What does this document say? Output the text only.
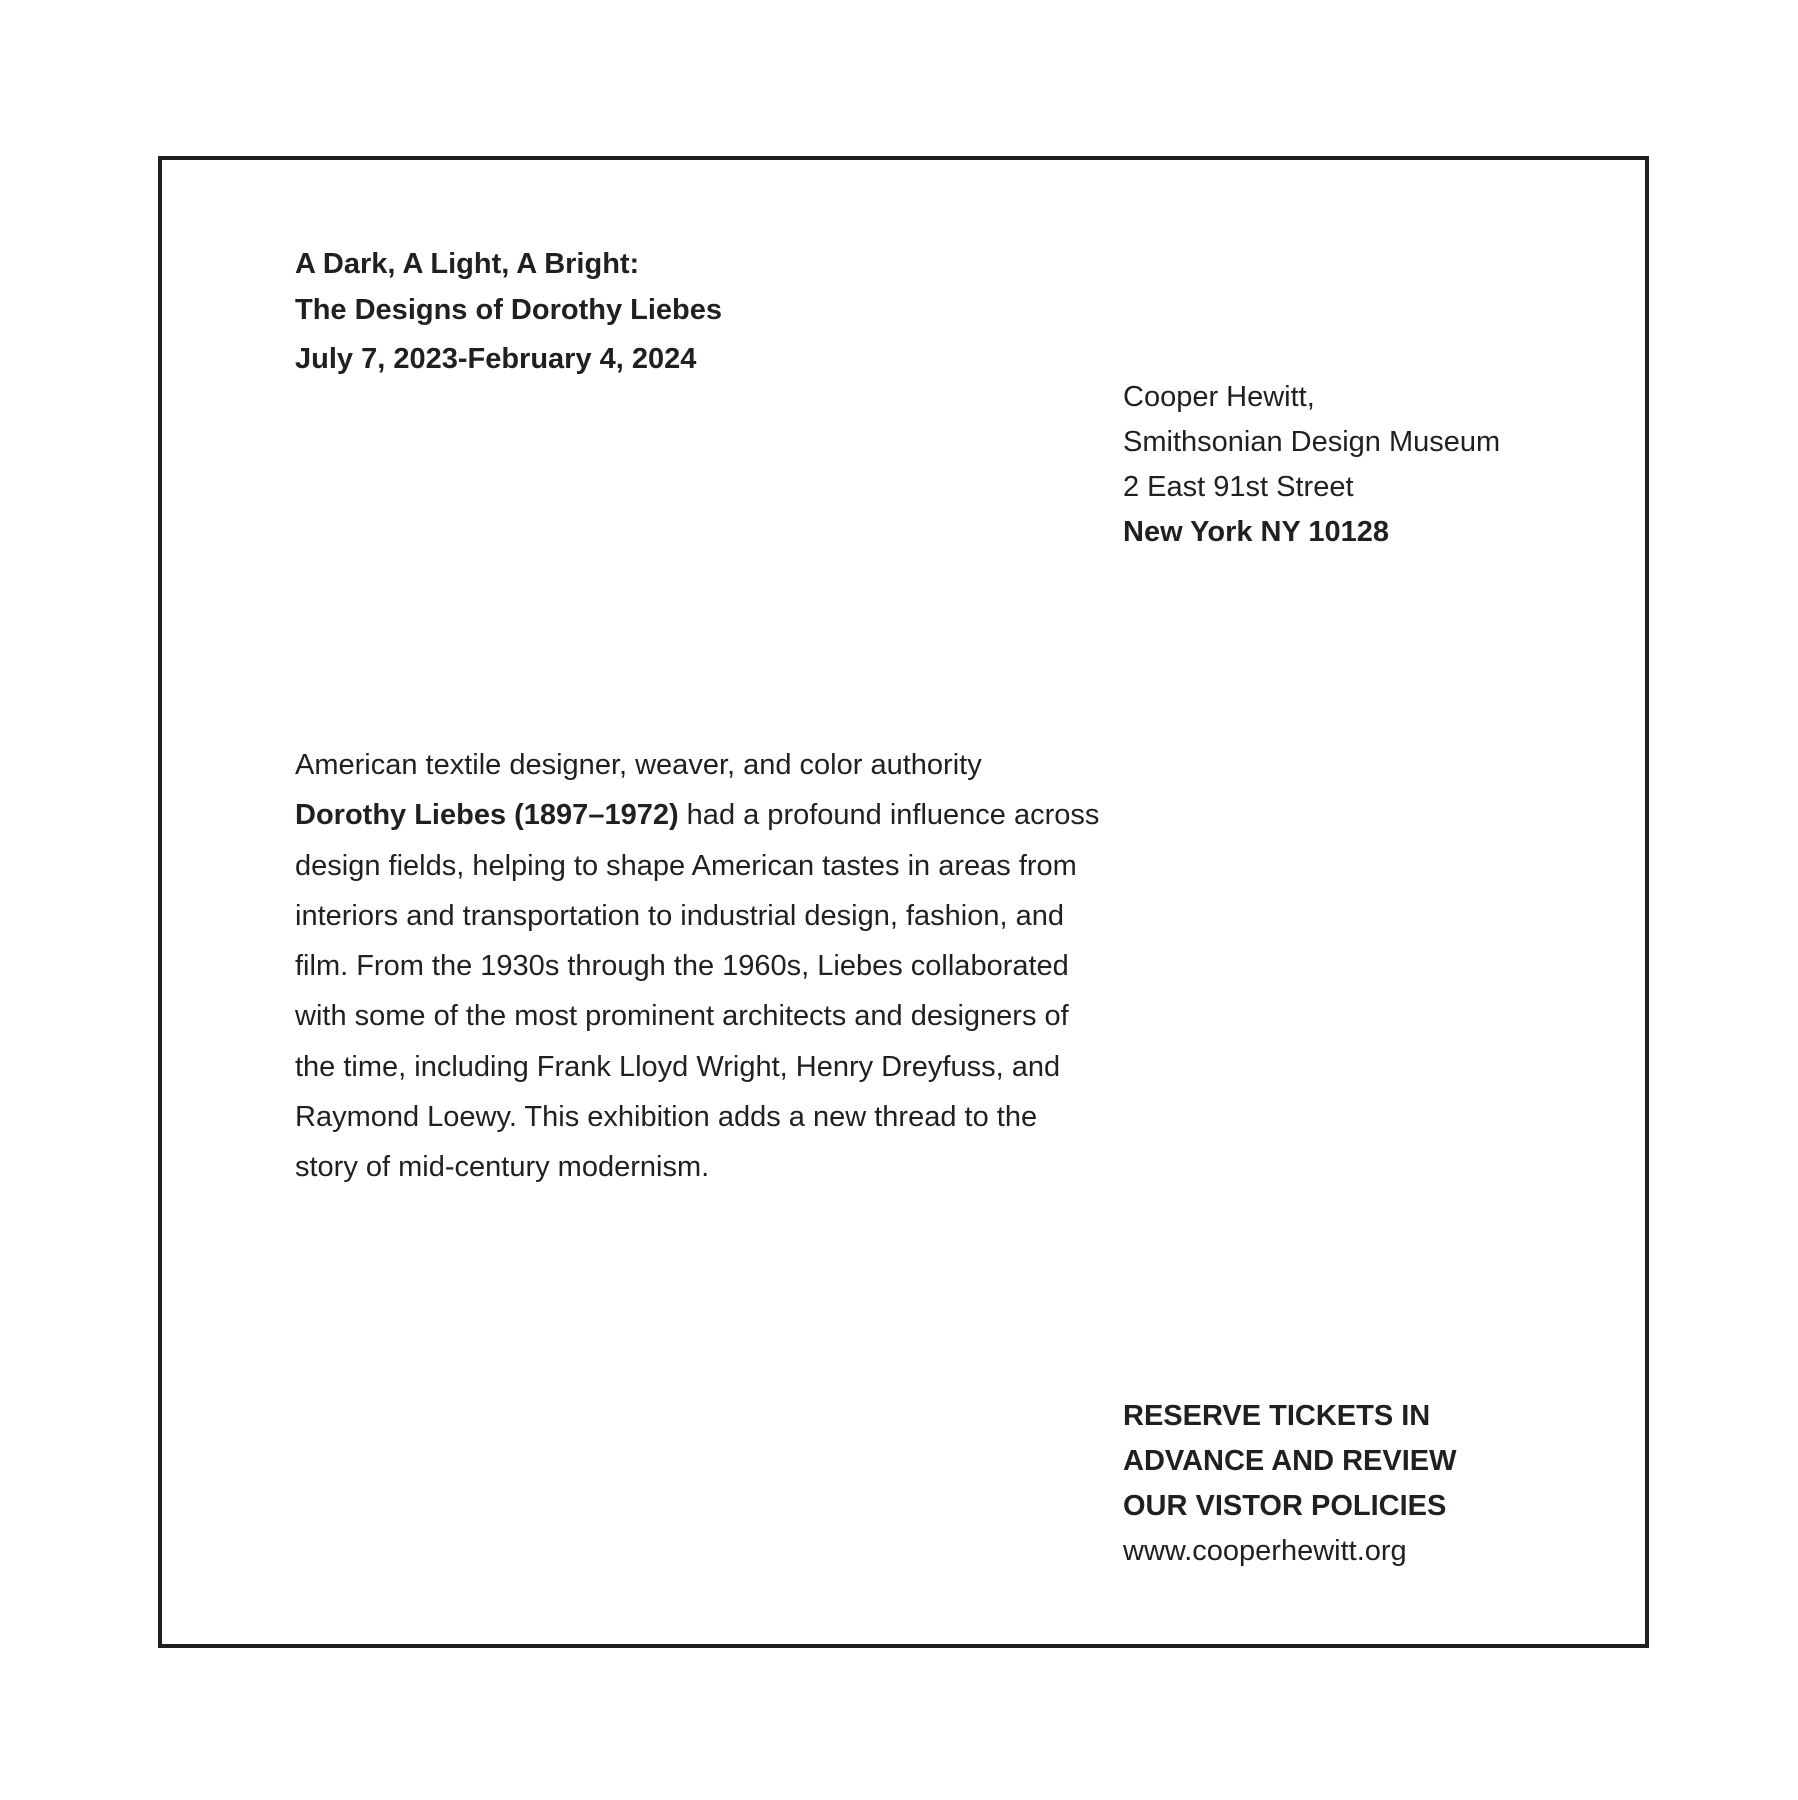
A Dark, A Light, A Bright:
The Designs of Dorothy Liebes
July 7, 2023-February 4, 2024
Cooper Hewitt,
Smithsonian Design Museum
2 East 91st Street
New York NY 10128
American textile designer, weaver, and color authority
Dorothy Liebes (1897–1972) had a profound influence across
design fields, helping to shape American tastes in areas from
interiors and transportation to industrial design, fashion, and
film. From the 1930s through the 1960s, Liebes collaborated
with some of the most prominent architects and designers of
the time, including Frank Lloyd Wright, Henry Dreyfuss, and
Raymond Loewy. This exhibition adds a new thread to the
story of mid-century modernism.
RESERVE TICKETS IN
ADVANCE AND REVIEW
OUR VISTOR POLICIES
www.cooperhewitt.org
